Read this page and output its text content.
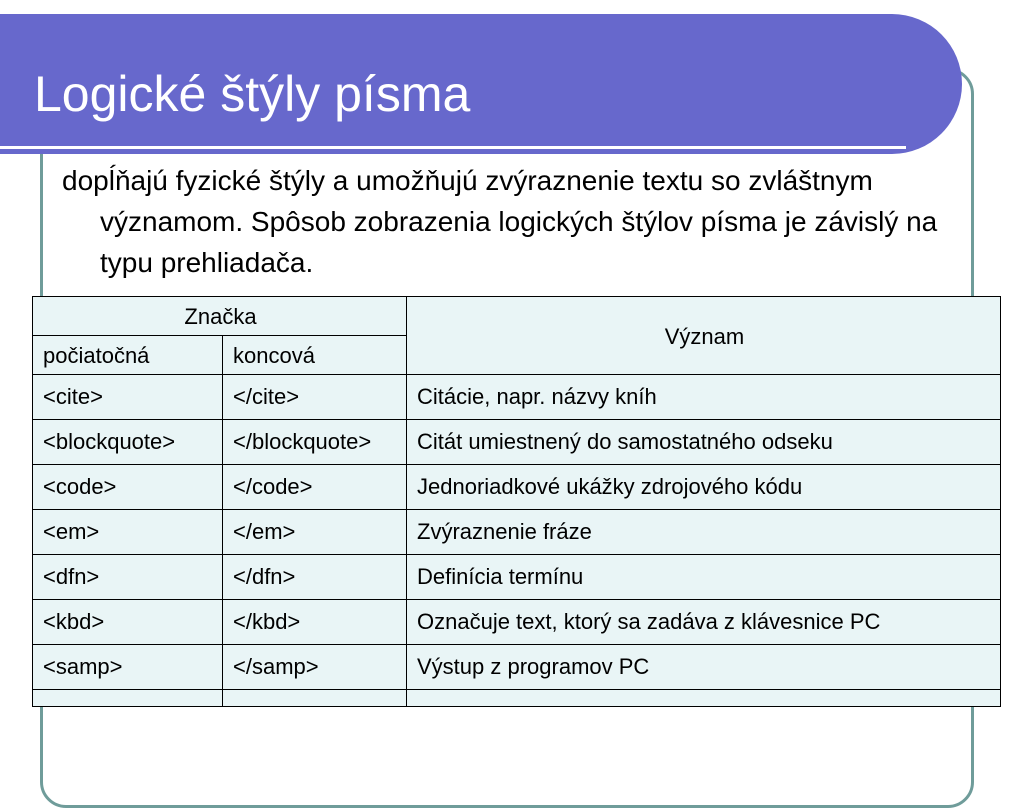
Logické štýly písma

dopĺňajú fyzické štýly a umožňujú zvýraznenie textu so zvláštnym významom. Spôsob zobrazenia logických štýlov písma je závislý na typu prehliadača.

Značka		Význam
počiatočná	koncová	
<cite>	</cite>	Citácie, napr. názvy kníh
<blockquote>	</blockquote>	Citát umiestnený do samostatného odseku
<code>	</code>	Jednoriadkové ukážky zdrojového kódu
<em>	</em>	Zvýraznenie fráze
<dfn>	</dfn>	Definícia termínu
<kbd>	</kbd>	Označuje text, ktorý sa zadáva z klávesnice PC
<samp>	</samp>	Výstup z programov PC
